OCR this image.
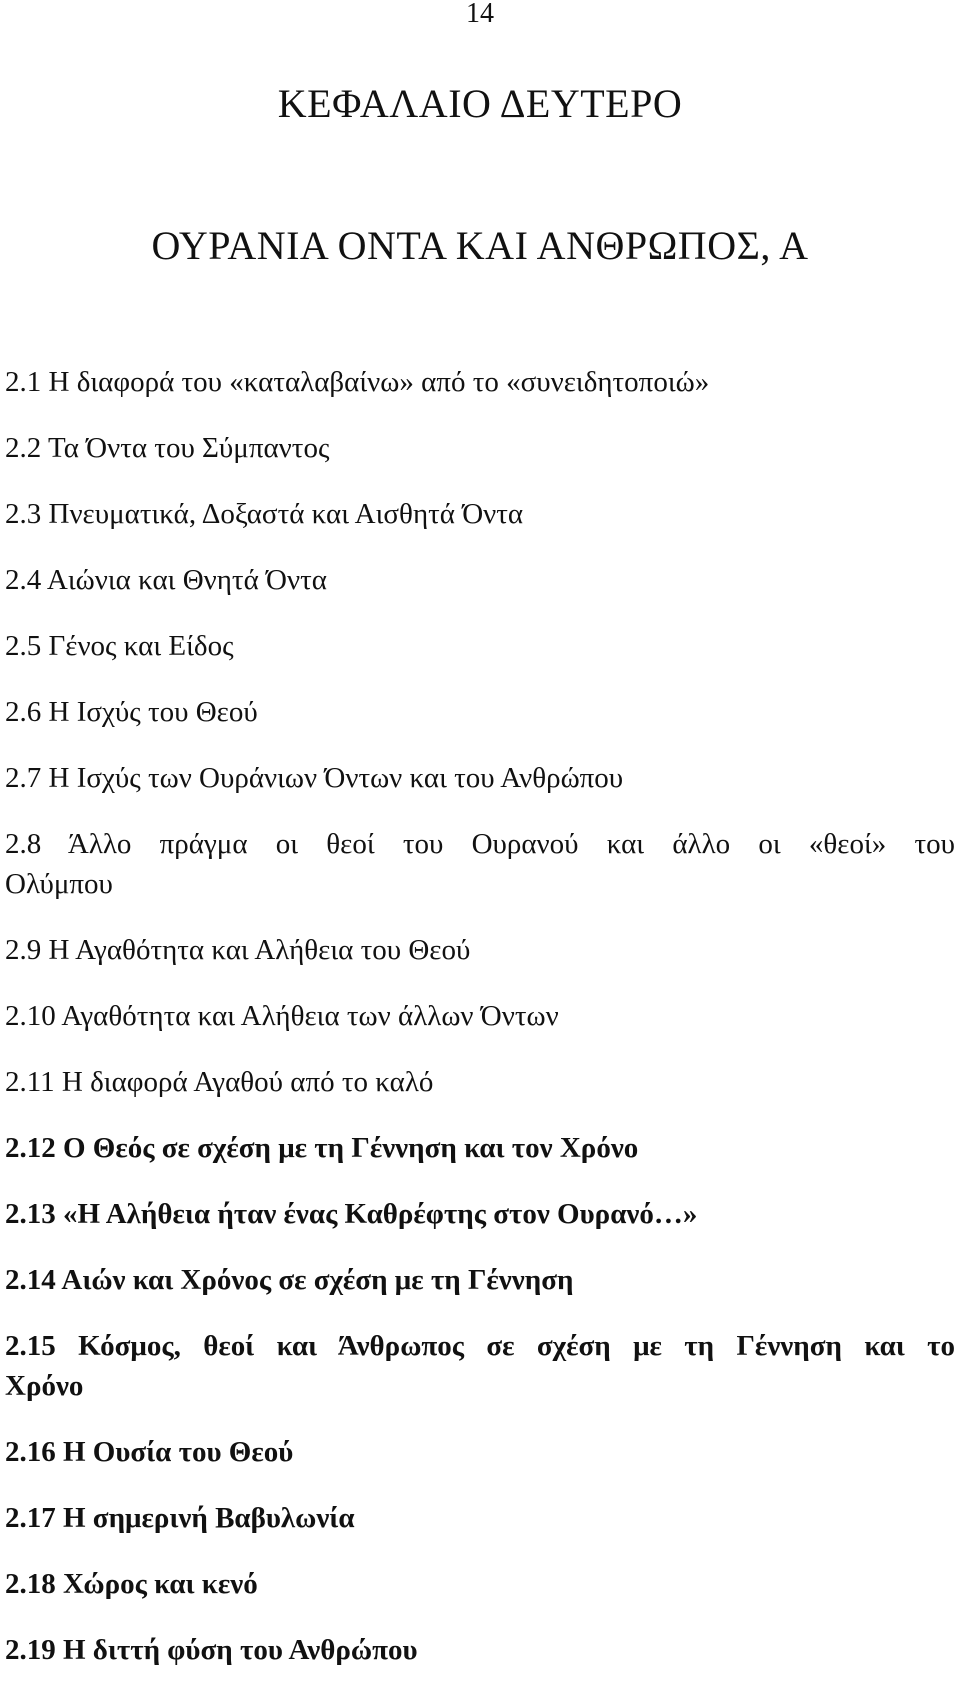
14
ΚΕΦΑΛΑΙΟ ΔΕΥΤΕΡΟ
ΟΥΡΑΝΙΑ ΟΝΤΑ ΚΑΙ ΑΝΘΡΩΠΟΣ, Α
2.1 Η διαφορά του «καταλαβαίνω» από το «συνειδητοποιώ»
2.2 Τα Όντα του Σύμπαντος
2.3 Πνευματικά, Δοξαστά και Αισθητά Όντα
2.4 Αιώνια και Θνητά Όντα
2.5 Γένος και Είδος
2.6 Η Ισχύς του Θεού
2.7 Η Ισχύς των Ουράνιων Όντων και του Ανθρώπου
2.8 Άλλο πράγμα οι θεοί του Ουρανού και άλλο οι «θεοί» του Ολύμπου
2.9 Η Αγαθότητα και Αλήθεια του Θεού
2.10 Αγαθότητα και Αλήθεια των άλλων Όντων
2.11 Η διαφορά Αγαθού από το καλό
2.12 Ο Θεός σε σχέση με τη Γέννηση και τον Χρόνο
2.13 «Η Αλήθεια ήταν ένας Καθρέφτης στον Ουρανό…»
2.14 Αιών και Χρόνος σε σχέση με τη Γέννηση
2.15 Κόσμος, θεοί και Άνθρωπος σε σχέση με τη Γέννηση και το Χρόνο
2.16 Η Ουσία του Θεού
2.17 Η σημερινή Βαβυλωνία
2.18 Χώρος και κενό
2.19 Η διττή φύση του Ανθρώπου
